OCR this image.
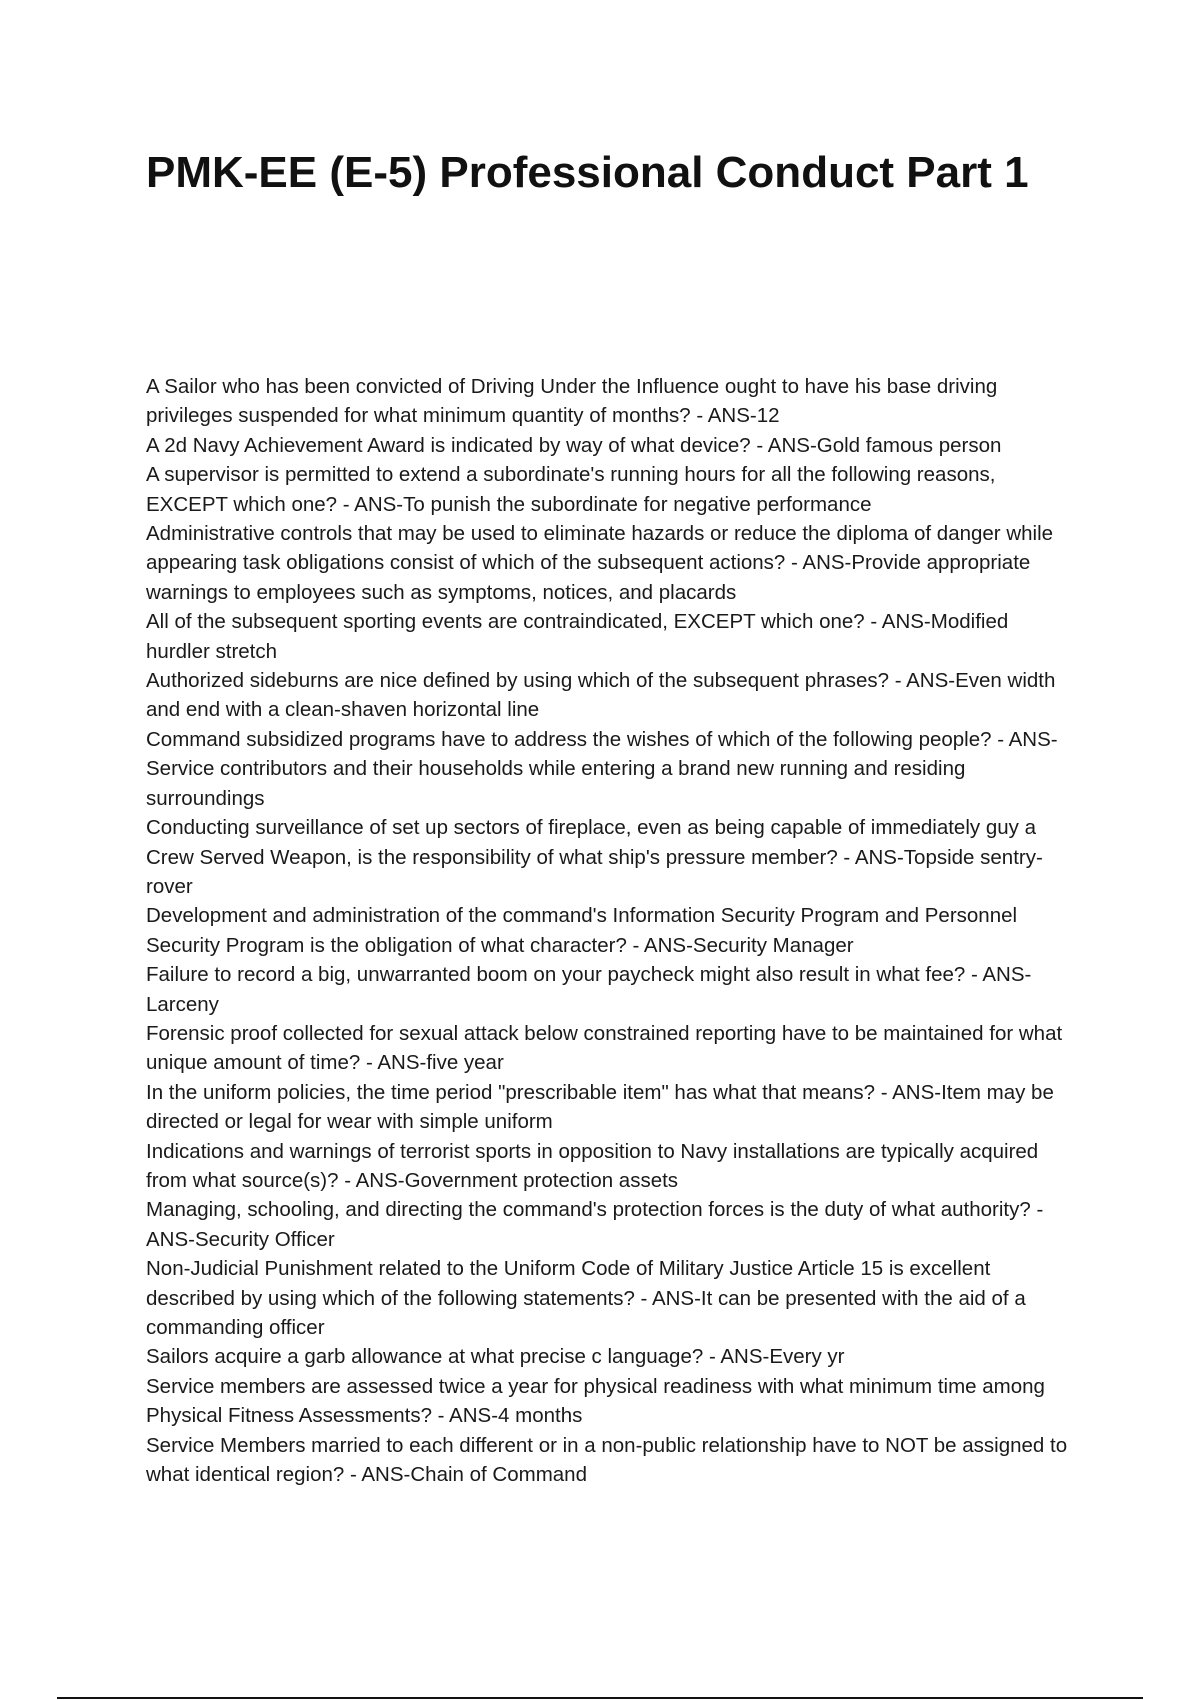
PMK-EE (E-5) Professional Conduct Part 1
A Sailor who has been convicted of Driving Under the Influence ought to have his base driving privileges suspended for what minimum quantity of months? - ANS-12
A 2d Navy Achievement Award is indicated by way of what device? - ANS-Gold famous person
A supervisor is permitted to extend a subordinate's running hours for all the following reasons, EXCEPT which one? - ANS-To punish the subordinate for negative performance
Administrative controls that may be used to eliminate hazards or reduce the diploma of danger while appearing task obligations consist of which of the subsequent actions? - ANS-Provide appropriate warnings to employees such as symptoms, notices, and placards
All of the subsequent sporting events are contraindicated, EXCEPT which one? - ANS-Modified hurdler stretch
Authorized sideburns are nice defined by using which of the subsequent phrases? - ANS-Even width and end with a clean-shaven horizontal line
Command subsidized programs have to address the wishes of which of the following people? - ANS-Service contributors and their households while entering a brand new running and residing surroundings
Conducting surveillance of set up sectors of fireplace, even as being capable of immediately guy a Crew Served Weapon, is the responsibility of what ship's pressure member? - ANS-Topside sentry-rover
Development and administration of the command's Information Security Program and Personnel Security Program is the obligation of what character? - ANS-Security Manager
Failure to record a big, unwarranted boom on your paycheck might also result in what fee? - ANS-Larceny
Forensic proof collected for sexual attack below constrained reporting have to be maintained for what unique amount of time? - ANS-five year
In the uniform policies, the time period "prescribable item" has what that means? - ANS-Item may be directed or legal for wear with simple uniform
Indications and warnings of terrorist sports in opposition to Navy installations are typically acquired from what source(s)? - ANS-Government protection assets
Managing, schooling, and directing the command's protection forces is the duty of what authority? - ANS-Security Officer
Non-Judicial Punishment related to the Uniform Code of Military Justice Article 15 is excellent described by using which of the following statements? - ANS-It can be presented with the aid of a commanding officer
Sailors acquire a garb allowance at what precise c language? - ANS-Every yr
Service members are assessed twice a year for physical readiness with what minimum time among Physical Fitness Assessments? - ANS-4 months
Service Members married to each different or in a non-public relationship have to NOT be assigned to what identical region? - ANS-Chain of Command
